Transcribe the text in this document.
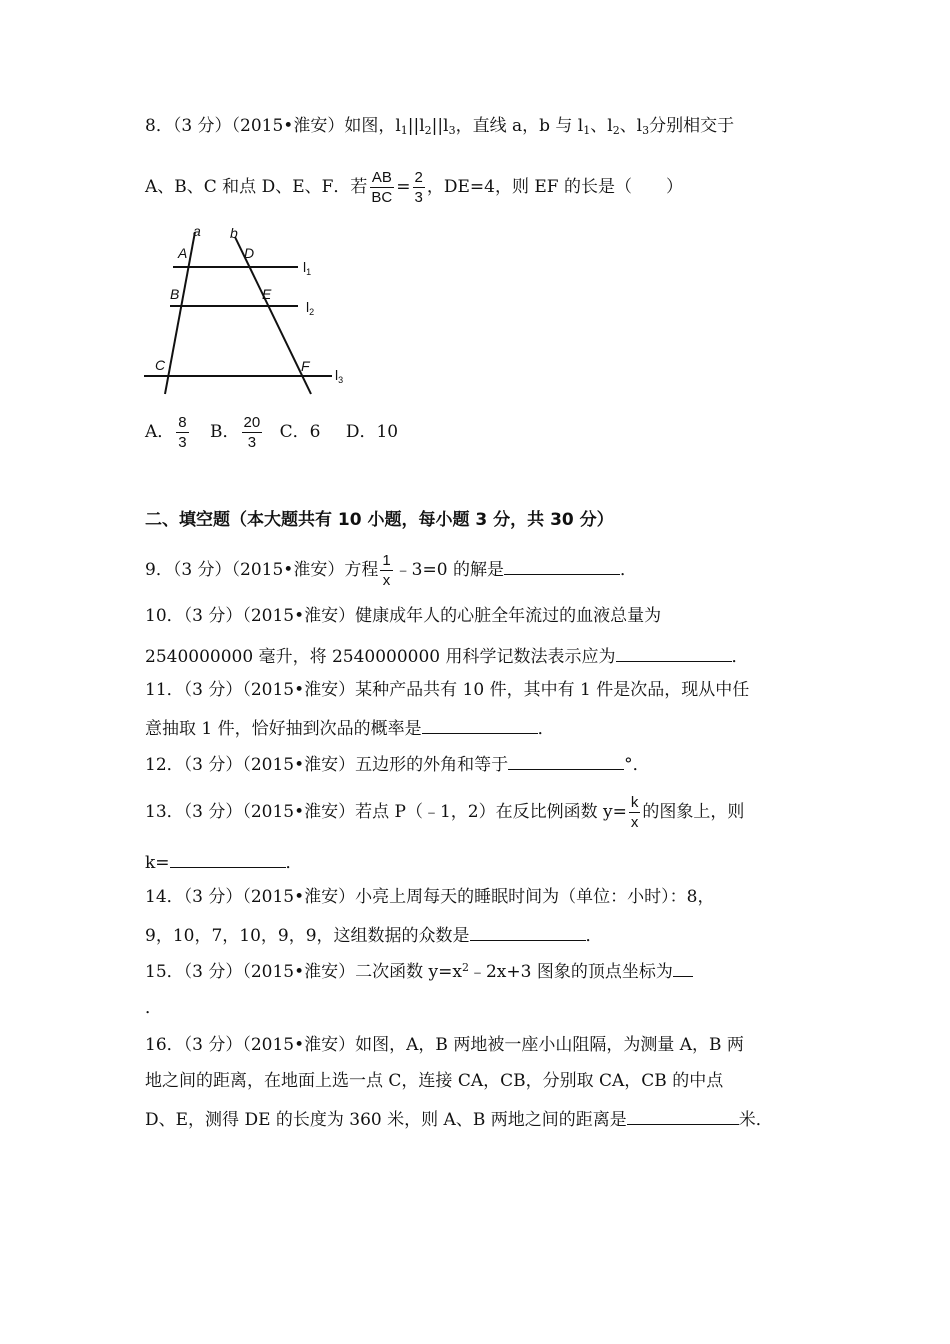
8．（3 分）（2015•淮安）如图，$l_1||l_2||l_3$，直线 a，b 与 $l_1$、$l_2$、$l_3$分别相交于
A、B、C 和点 D、E、F．若 $\frac{AB}{BC} = \frac{2}{3}$ ，DE=4，则 EF 的长是（　　）
a b
A	D
B	E
C	F
$l_1$
$l_2$
$l_3$
A． $\frac{8}{3}$ B． $\frac{20}{3}$ C．6 D．10
二、填空题（本大题共有 10 小题，每小题 3 分，共 30 分）
9．（3 分）（2015•淮安）方程 $\frac{1}{x}$ ﹣3=0 的解是	．
10．（3 分）（2015•淮安）健康成年人的心脏全年流过的血液总量为
2540000000 毫升，将 2540000000 用科学记数法表示应为	．
11．（3 分）（2015•淮安）某种产品共有 10 件，其中有 1 件是次品，现从中任
意抽取 1 件，恰好抽到次品的概率是	．
12．（3 分）（2015•淮安）五边形的外角和等于	°．
13．（3 分）（2015•淮安）若点 P（﹣1，2）在反比例函数 $y= \frac{k}{x}$ 的图象上，则
k=	．
14．（3 分）（2015•淮安）小亮上周每天的睡眠时间为（单位：小时）：8，
9，10，7，10，9，9，这组数据的众数是	．
15．（3 分）（2015•淮安）二次函数 $y=x^2﹣2x+3$ 图象的顶点坐标为
．
16．（3 分）（2015•淮安）如图，A，B 两地被一座小山阻隔，为测量 A，B 两
地之间的距离，在地面上选一点 C，连接 CA，CB，分别取 CA，CB 的中点
D、E，测得 DE 的长度为 360 米，则 A、B 两地之间的距离是	米．
